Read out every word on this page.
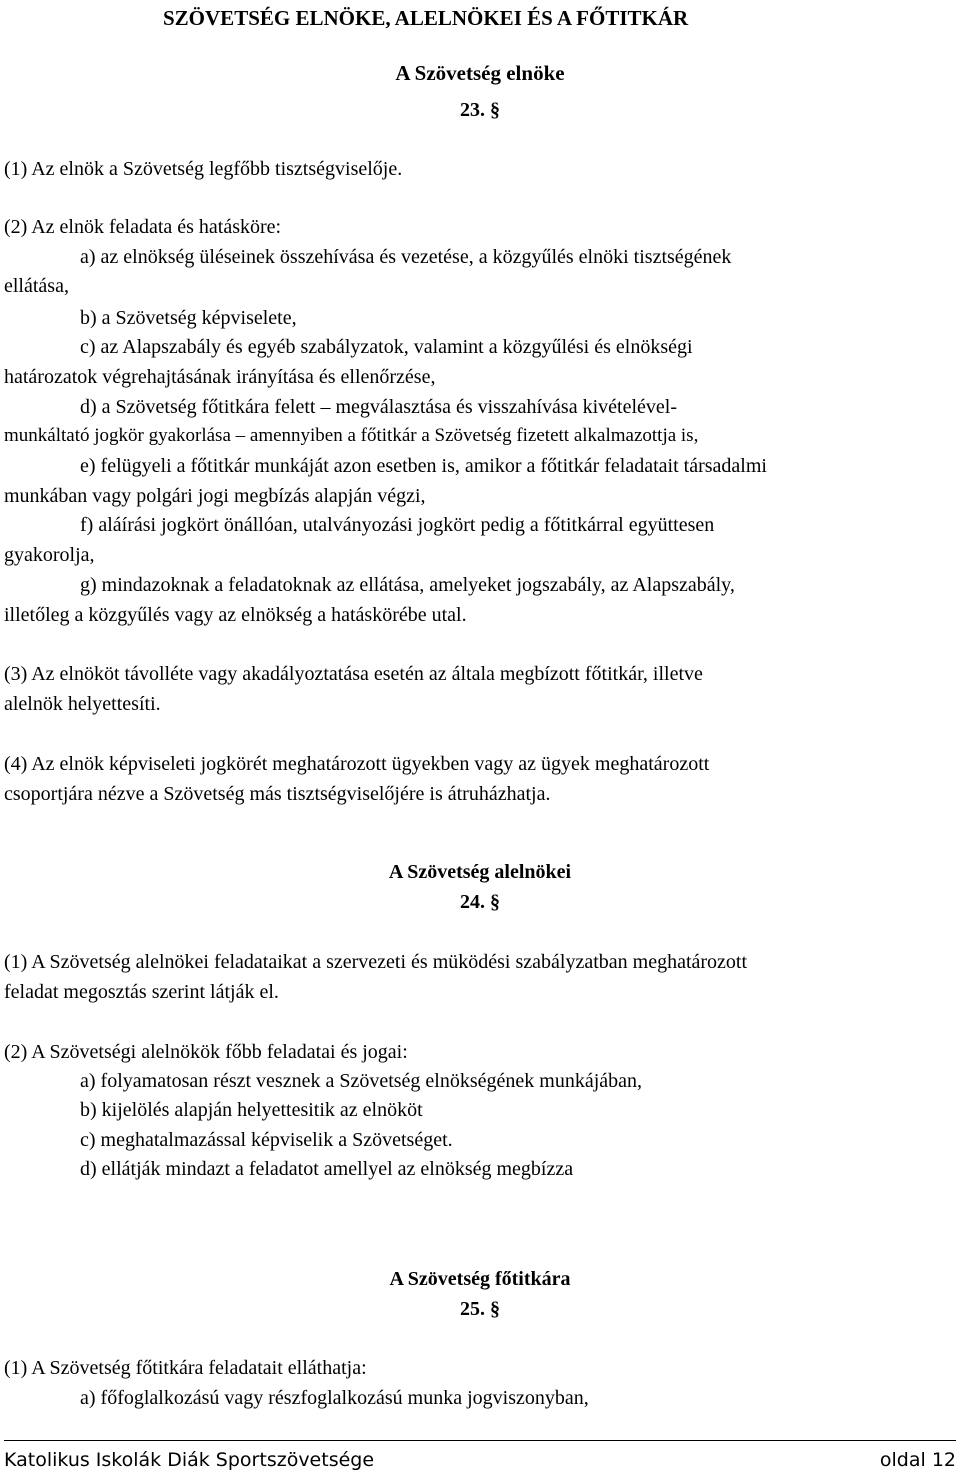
SZÖVETSÉG ELNÖKE, ALELNÖKEI ÉS A FŐTITKÁR
A Szövetség elnöke
23. §
(1) Az elnök a Szövetség legfőbb tisztségviselője.
(2) Az elnök feladata és hatásköre:
a) az elnökség üléseinek összehívása és vezetése, a közgyűlés elnöki tisztségének
ellátása,
b) a Szövetség képviselete,
c) az Alapszabály és egyéb szabályzatok, valamint a közgyűlési és elnökségi
határozatok végrehajtásának irányítása és ellenőrzése,
d) a Szövetség főtitkára felett – megválasztása és visszahívása kivételével-
munkáltató jogkör gyakorlása – amennyiben a főtitkár a Szövetség fizetett alkalmazottja is,
e) felügyeli a főtitkár munkáját azon esetben is, amikor a főtitkár feladatait társadalmi
munkában vagy polgári jogi megbízás alapján végzi,
f) aláírási jogkört önállóan, utalványozási jogkört pedig a főtitkárral együttesen
gyakorolja,
g) mindazoknak a feladatoknak az ellátása, amelyeket jogszabály, az Alapszabály,
illetőleg a közgyűlés vagy az elnökség a hatáskörébe utal.
(3) Az elnököt távolléte vagy akadályoztatása esetén az általa megbízott főtitkár, illetve
alelnök helyettesíti.
(4) Az elnök képviseleti jogkörét meghatározott ügyekben vagy az ügyek meghatározott
csoportjára nézve a Szövetség más tisztségviselőjére is átruházhatja.
A Szövetség alelnökei
24. §
(1) A Szövetség alelnökei feladataikat a szervezeti és müködési szabályzatban meghatározott
feladat megosztás szerint látják el.
(2) A Szövetségi alelnökök főbb feladatai és jogai:
a) folyamatosan részt vesznek a Szövetség elnökségének munkájában,
b) kijelölés alapján helyettesitik az elnököt
c) meghatalmazással képviselik a Szövetséget.
d) ellátják mindazt a feladatot amellyel az elnökség megbízza
A Szövetség főtitkára
25. §
(1) A Szövetség főtitkára feladatait elláthatja:
a) főfoglalkozású vagy részfoglalkozású munka jogviszonyban,
Katolikus Iskolák Diák Sportszövetsége	oldal 12
